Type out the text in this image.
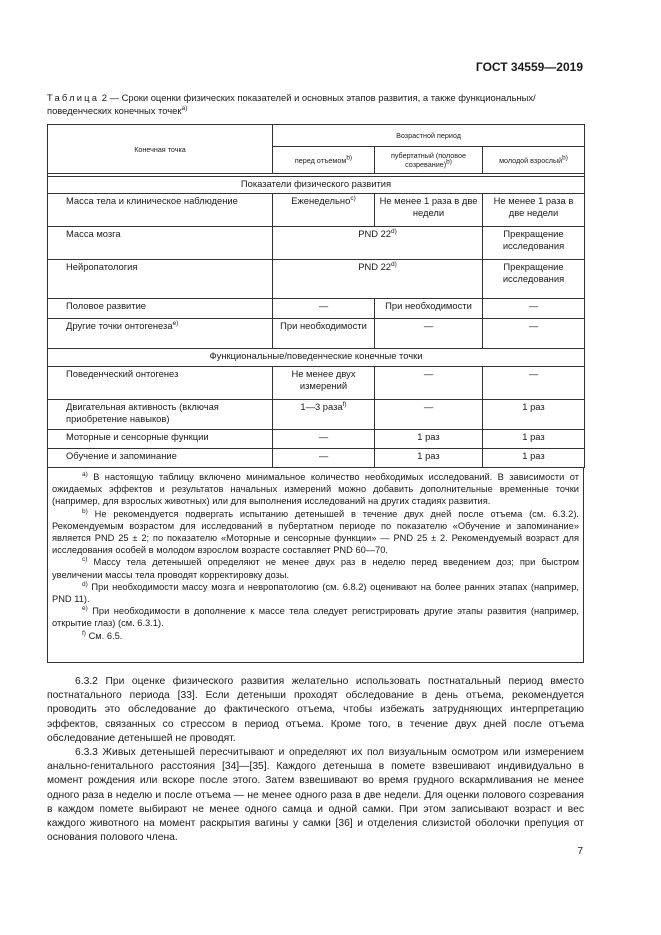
ГОСТ 34559—2019
Таблица 2 — Сроки оценки физических показателей и основных этапов развития, а также функциональных/поведенческих конечных точек$^{a)}$
Конечная точка	Возрастной период		
	перед отъемом$^{b)}$	пубертатный (половое созревание)$^{b)}$	молодой взрослый$^{b)}$

Показатели физического развития			
Масса тела и клиническое наблюдение	Еженедельно$^{c)}$	Не менее 1 раза в две недели	Не менее 1 раза в две недели
Масса мозга	PND 22$^{d)}$		Прекращение исследования
Нейропатология	PND 22$^{d)}$		Прекращение исследования
Половое развитие	—	При необходимости	—
Другие точки онтогенеза$^{e)}$	При необходимости	—	—
Функциональные/поведенческие конечные точки			
Поведенческий онтогенез	Не менее двух измерений	—	—
Двигательная активность (включая приобретение навыков)	1—3 раза$^{f)}$	—	1 раз
Моторные и сенсорные функции	—	1 раз	1 раз
Обучение и запоминание	—	1 раз	1 раз

$^{a)}$ В настоящую таблицу включено минимальное количество необходимых исследований. В зависимости от ожидаемых эффектов и результатов начальных измерений можно добавить дополнительные временные точки (например, для взрослых животных) или для выполнения исследований на других стадиях развития.

$^{b)}$ Не рекомендуется подвергать испытанию детенышей в течение двух дней после отъема (см. 6.3.2). Рекомендуемым возрастом для исследований в пубертатном периоде по показателю «Обучение и запоминание» является PND 25 ± 2; по показателю «Моторные и сенсорные функции» — PND 25 ± 2. Рекомендуемый возраст для исследования особей в молодом взрослом возрасте составляет PND 60—70.

$^{c)}$ Массу тела детенышей определяют не менее двух раз в неделю перед введением доз; при быстром увеличении массы тела проводят корректировку дозы.

$^{d)}$ При необходимости массу мозга и невропатологию (см. 6.8.2) оценивают на более ранних этапах (например, PND 11).

$^{e)}$ При необходимости в дополнение к массе тела следует регистрировать другие этапы развития (например, открытие глаз) (см. 6.3.1).

$^{f)}$ См. 6.5.

6.3.2 При оценке физического развития желательно использовать постнатальный период вместо постнатального периода [33]. Если детеныши проходят обследование в день отъема, рекомендуется проводить это обследование до фактического отъема, чтобы избежать затрудняющих интерпретацию эффектов, связанных со стрессом в период отъема. Кроме того, в течение двух дней после отъема обследование детенышей не проводят.

6.3.3 Живых детенышей пересчитывают и определяют их пол визуальным осмотром или измерением анально-генитального расстояния [34]—[35]. Каждого детеныша в помете взвешивают индивидуально в момент рождения или вскоре после этого. Затем взвешивают во время грудного вскармливания не менее одного раза в неделю и после отъема — не менее одного раза в две недели. Для оценки полового созревания в каждом помете выбирают не менее одного самца и одной самки. При этом записывают возраст и вес каждого животного на момент раскрытия вагины у самки [36] и отделения слизистой оболочки препуция от основания полового члена.

7
